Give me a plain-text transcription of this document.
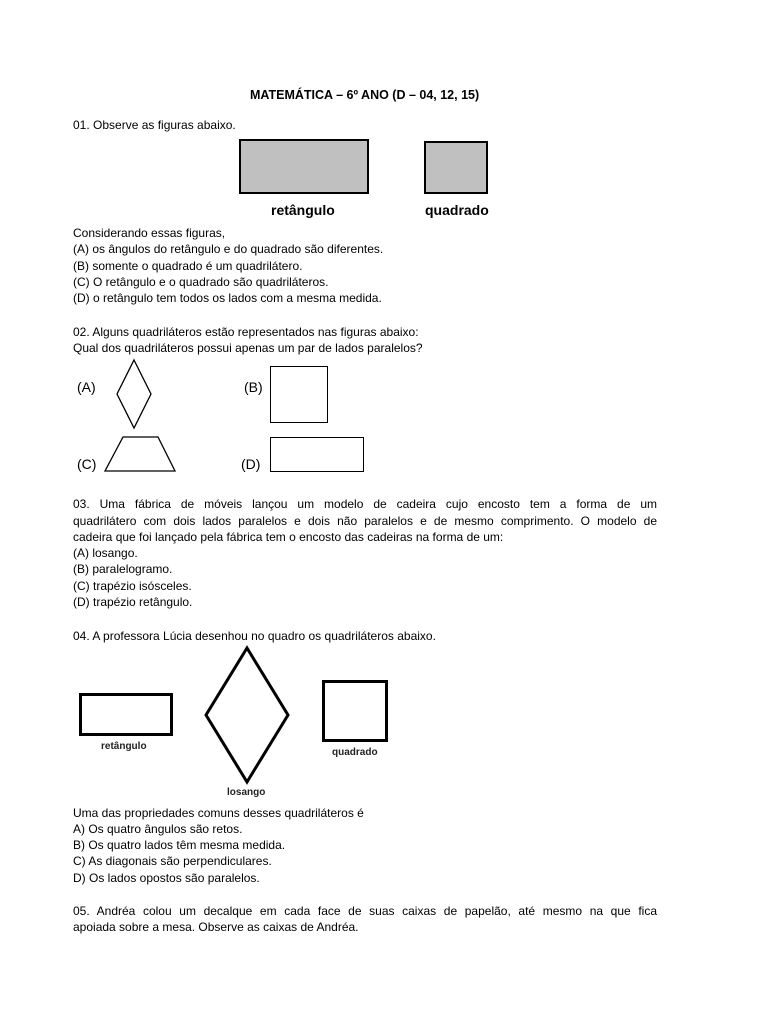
MATEMÁTICA – 6º ANO (D – 04, 12, 15)
01. Observe as figuras abaixo.
retângulo	quadrado
Considerando essas figuras,
(A) os ângulos do retângulo e do quadrado são diferentes.
(B) somente o quadrado é um quadrilátero.
(C) O retângulo e o quadrado são quadriláteros.
(D) o retângulo tem todos os lados com a mesma medida.
02. Alguns quadriláteros estão representados nas figuras abaixo:
Qual dos quadriláteros possui apenas um par de lados paralelos?
(A)	(B)
(C)	(D)
03. Uma fábrica de móveis lançou um modelo de cadeira cujo encosto tem a forma de um
quadrilátero com dois lados paralelos e dois não paralelos e de mesmo comprimento. O modelo de
cadeira que foi lançado pela fábrica tem o encosto das cadeiras na forma de um:
(A) losango.
(B) paralelogramo.
(C) trapézio isósceles.
(D) trapézio retângulo.
04. A professora Lúcia desenhou no quadro os quadriláteros abaixo.
retângulo
losango
quadrado
Uma das propriedades comuns desses quadriláteros é
A) Os quatro ângulos são retos.
B) Os quatro lados têm mesma medida.
C) As diagonais são perpendiculares.
D) Os lados opostos são paralelos.
05. Andréa colou um decalque em cada face de suas caixas de papelão, até mesmo na que fica
apoiada sobre a mesa. Observe as caixas de Andréa.
